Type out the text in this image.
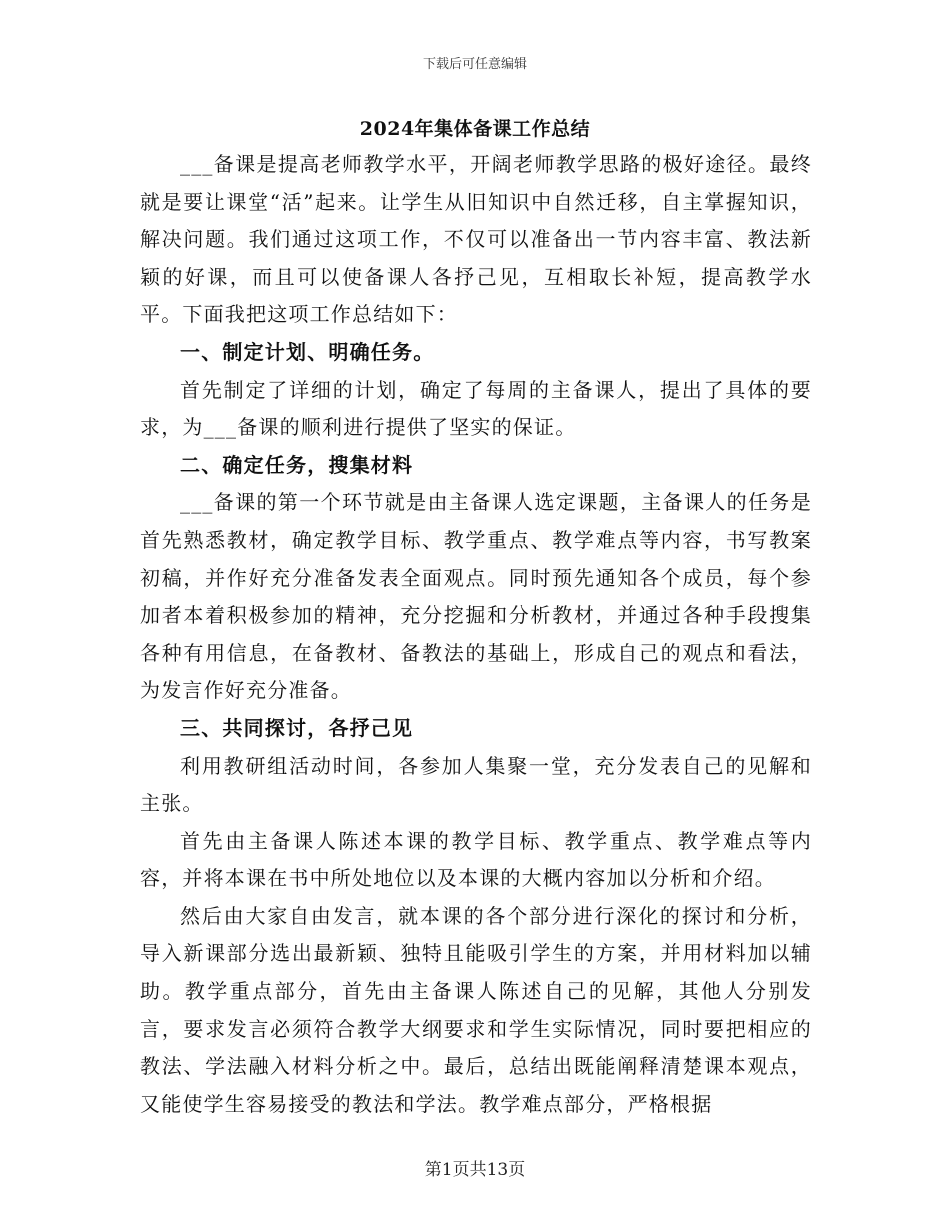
下载后可任意编辑
2024年集体备课工作总结

___备课是提高老师教学水平，开阔老师教学思路的极好途径。最终就是要让课堂“活”起来。让学生从旧知识中自然迁移，自主掌握知识，解决问题。我们通过这项工作，不仅可以准备出一节内容丰富、教法新颖的好课，而且可以使备课人各抒己见，互相取长补短，提高教学水平。下面我把这项工作总结如下：

一、制定计划、明确任务。

首先制定了详细的计划，确定了每周的主备课人，提出了具体的要求，为___备课的顺利进行提供了坚实的保证。

二、确定任务，搜集材料

___备课的第一个环节就是由主备课人选定课题，主备课人的任务是首先熟悉教材，确定教学目标、教学重点、教学难点等内容，书写教案初稿，并作好充分准备发表全面观点。同时预先通知各个成员，每个参加者本着积极参加的精神，充分挖掘和分析教材，并通过各种手段搜集各种有用信息，在备教材、备教法的基础上，形成自己的观点和看法，为发言作好充分准备。

三、共同探讨，各抒己见

利用教研组活动时间，各参加人集聚一堂，充分发表自己的见解和主张。

首先由主备课人陈述本课的教学目标、教学重点、教学难点等内容，并将本课在书中所处地位以及本课的大概内容加以分析和介绍。

然后由大家自由发言，就本课的各个部分进行深化的探讨和分析，导入新课部分选出最新颖、独特且能吸引学生的方案，并用材料加以辅助。教学重点部分，首先由主备课人陈述自己的见解，其他人分别发言，要求发言必须符合教学大纲要求和学生实际情况，同时要把相应的教法、学法融入材料分析之中。最后，总结出既能阐释清楚课本观点，又能使学生容易接受的教法和学法。教学难点部分，严格根据

第1页共13页
